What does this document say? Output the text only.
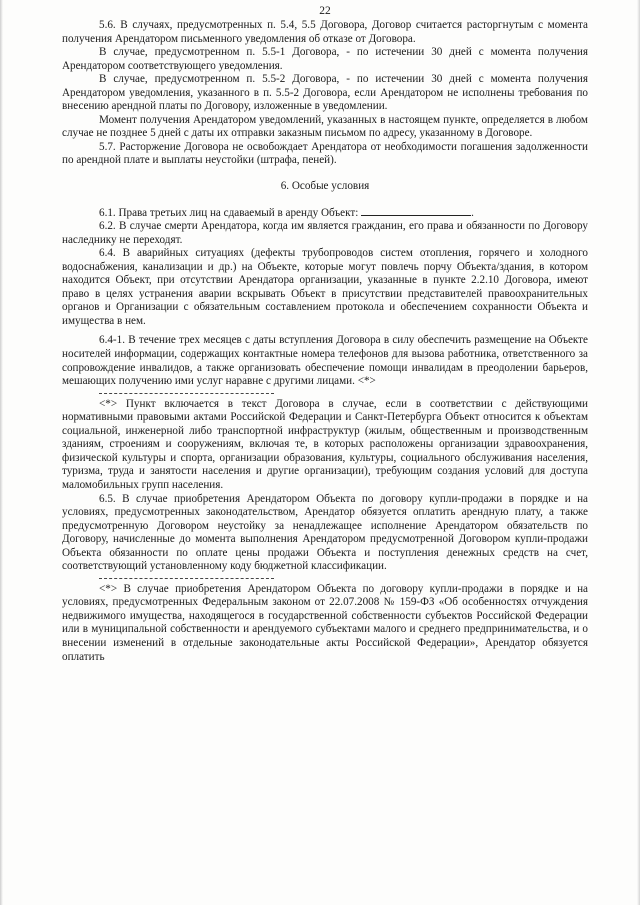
22

5.6. В случаях, предусмотренных п. 5.4, 5.5 Договора, Договор считается расторгнутым с момента получения Арендатором письменного уведомления об отказе от Договора.

В случае, предусмотренном п. 5.5-1 Договора, - по истечении 30 дней с момента получения Арендатором соответствующего уведомления.

В случае, предусмотренном п. 5.5-2 Договора, - по истечении 30 дней с момента получения Арендатором уведомления, указанного в п. 5.5-2 Договора, если Арендатором не исполнены требования по внесению арендной платы по Договору, изложенные в уведомлении.

Момент получения Арендатором уведомлений, указанных в настоящем пункте, определяется в любом случае не позднее 5 дней с даты их отправки заказным письмом по адресу, указанному в Договоре.

5.7. Расторжение Договора не освобождает Арендатора от необходимости погашения задолженности по арендной плате и выплаты неустойки (штрафа, пеней).

6. Особые условия

6.1. Права третьих лиц на сдаваемый в аренду Объект:	.

6.2. В случае смерти Арендатора, когда им является гражданин, его права и обязанности по Договору наследнику не переходят.

6.4. В аварийных ситуациях (дефекты трубопроводов систем отопления, горячего и холодного водоснабжения, канализации и др.) на Объекте, которые могут повлечь порчу Объекта/здания, в котором находится Объект, при отсутствии Арендатора организации, указанные в пункте 2.2.10 Договора, имеют право в целях устранения аварии вскрывать Объект в присутствии представителей правоохранительных органов и Организации с обязательным составлением протокола и обеспечением сохранности Объекта и имущества в нем.

6.4-1. В течение трех месяцев с даты вступления Договора в силу обеспечить размещение на Объекте носителей информации, содержащих контактные номера телефонов для вызова работника, ответственного за сопровождение инвалидов, а также организовать обеспечение помощи инвалидам в преодолении барьеров, мешающих получению ими услуг наравне с другими лицами. <*>

<*> Пункт включается в текст Договора в случае, если в соответствии с действующими нормативными правовыми актами Российской Федерации и Санкт-Петербурга Объект относится к объектам социальной, инженерной либо транспортной инфраструктур (жилым, общественным и производственным зданиям, строениям и сооружениям, включая те, в которых расположены организации здравоохранения, физической культуры и спорта, организации образования, культуры, социального обслуживания населения, туризма, труда и занятости населения и другие организации), требующим создания условий для доступа маломобильных групп населения.

6.5. В случае приобретения Арендатором Объекта по договору купли-продажи в порядке и на условиях, предусмотренных законодательством, Арендатор обязуется оплатить арендную плату, а также предусмотренную Договором неустойку за ненадлежащее исполнение Арендатором обязательств по Договору, начисленные до момента выполнения Арендатором предусмотренной Договором купли-продажи Объекта обязанности по оплате цены продажи Объекта и поступления денежных средств на счет, соответствующий установленному коду бюджетной классификации.

<*> В случае приобретения Арендатором Объекта по договору купли-продажи в порядке и на условиях, предусмотренных Федеральным законом от 22.07.2008 № 159-ФЗ «Об особенностях отчуждения недвижимого имущества, находящегося в государственной собственности субъектов Российской Федерации или в муниципальной собственности и арендуемого субъектами малого и среднего предпринимательства, и о внесении изменений в отдельные законодательные акты Российской Федерации», Арендатор обязуется оплатить
